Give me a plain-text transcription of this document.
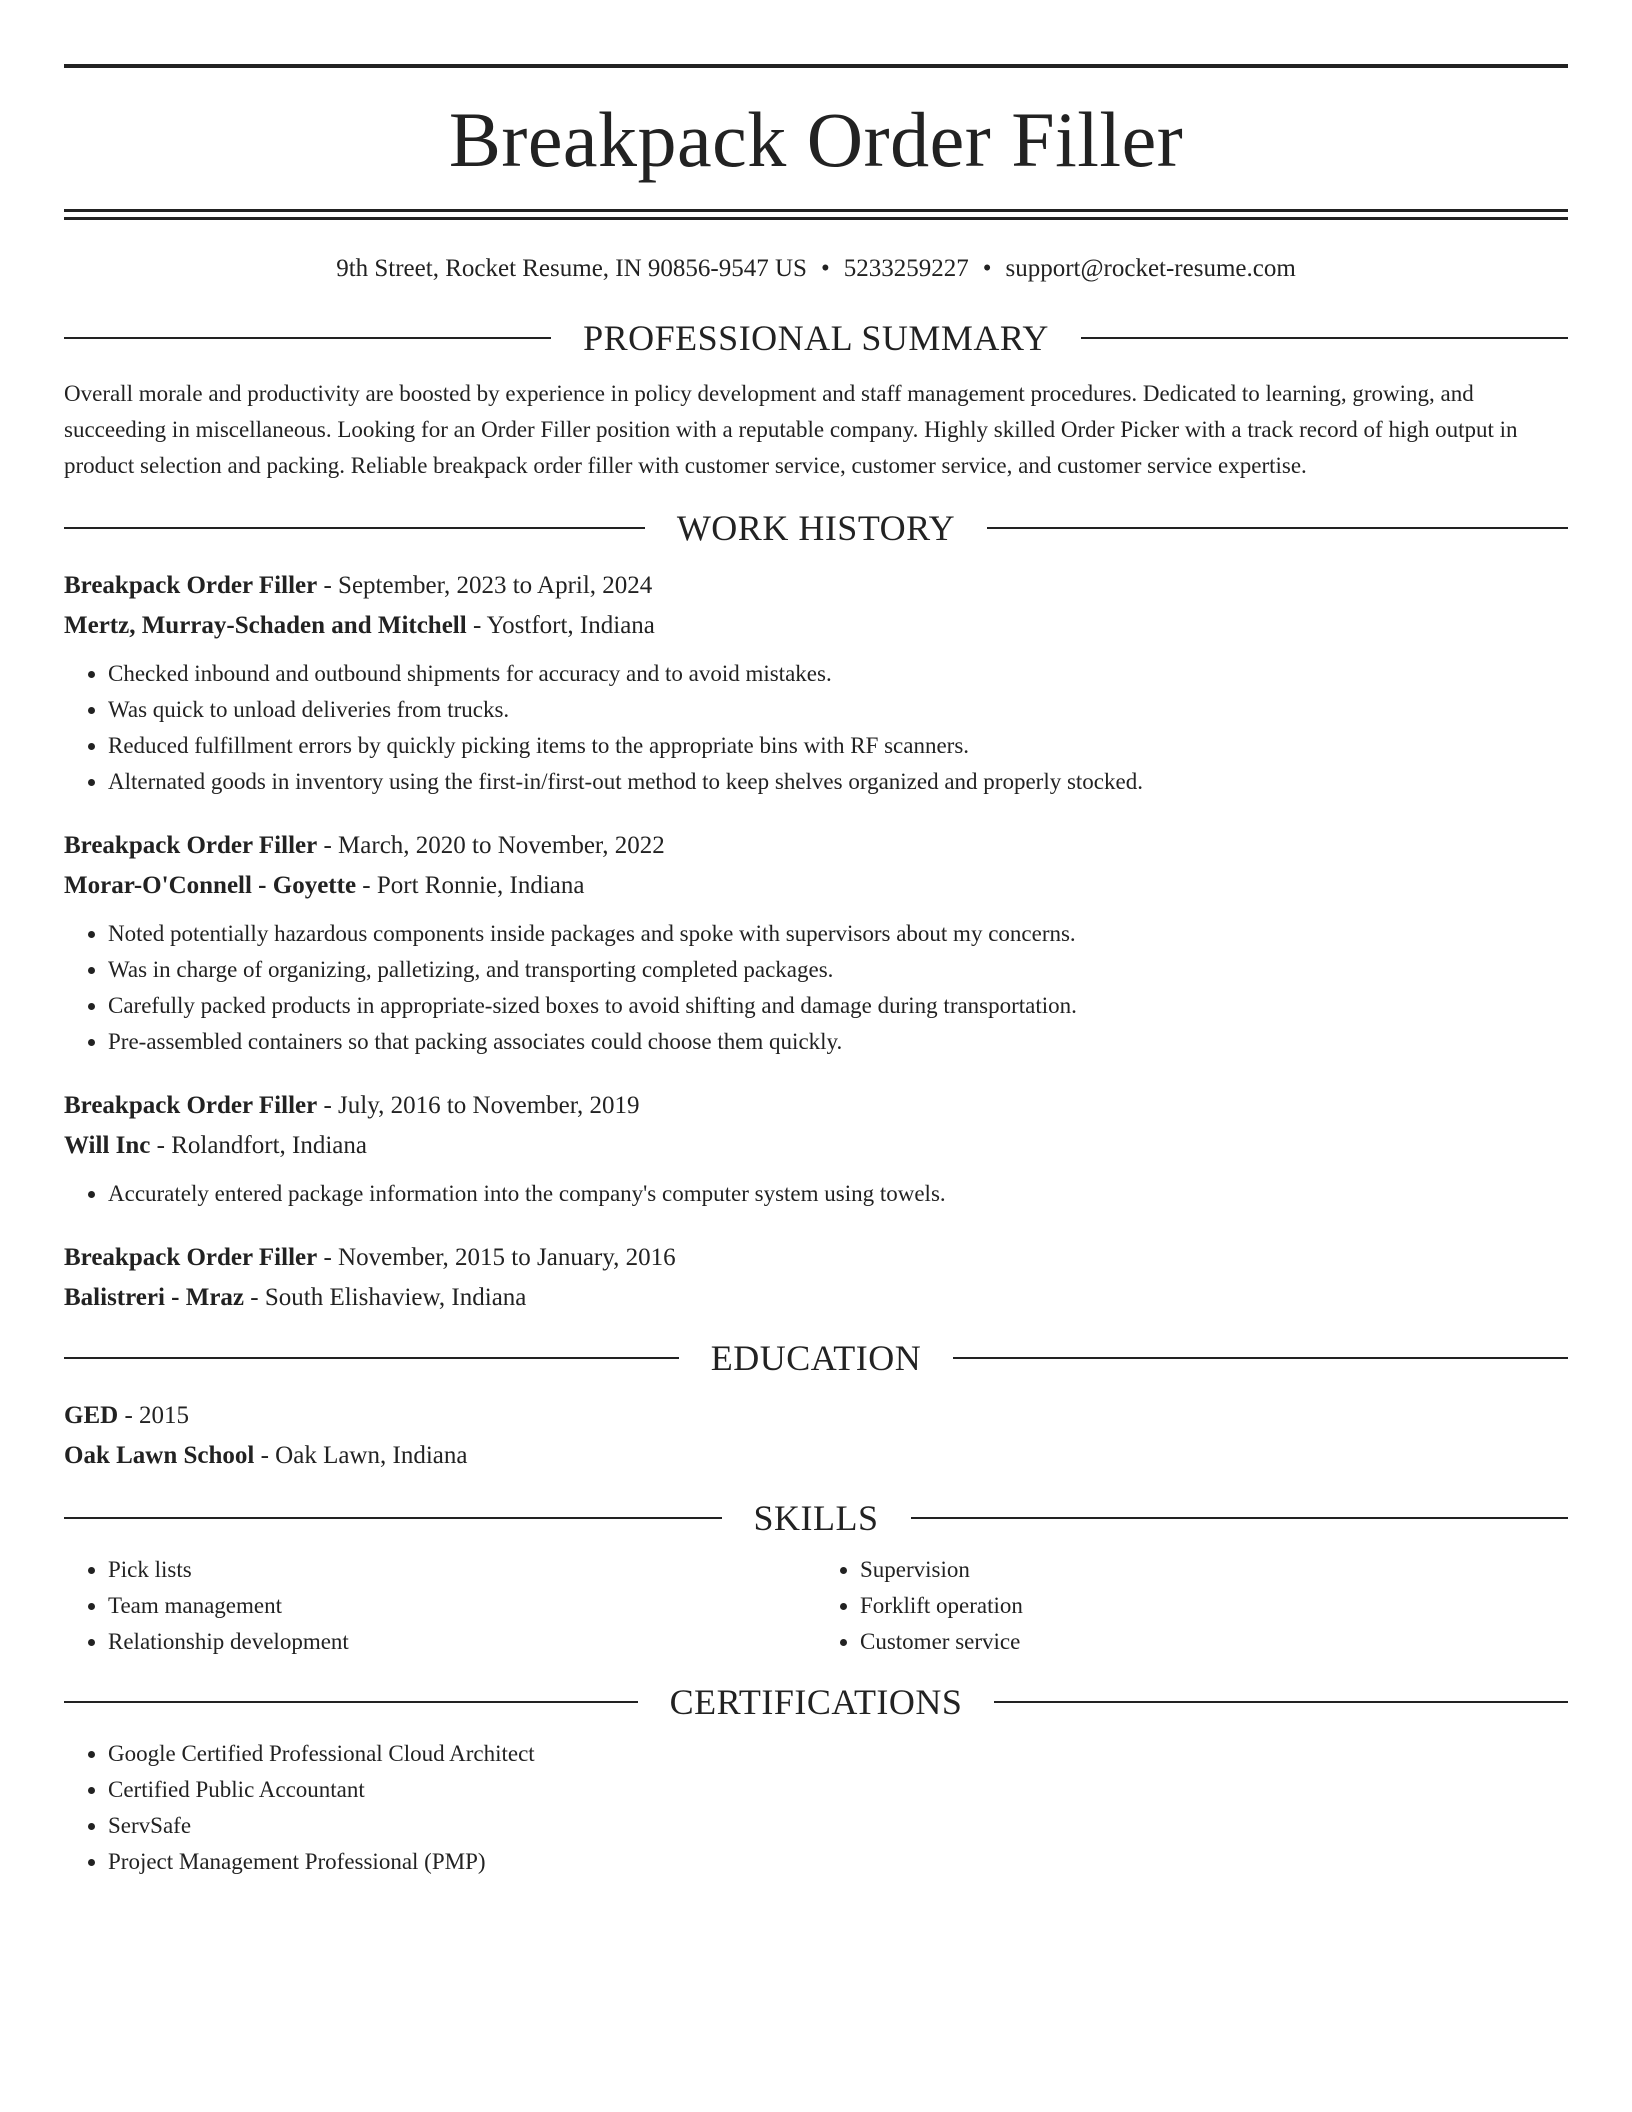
Breakpack Order Filler
9th Street, Rocket Resume, IN 90856-9547 US • 5233259227 • support@rocket-resume.com
PROFESSIONAL SUMMARY
Overall morale and productivity are boosted by experience in policy development and staff management procedures. Dedicated to learning, growing, and succeeding in miscellaneous. Looking for an Order Filler position with a reputable company. Highly skilled Order Picker with a track record of high output in product selection and packing. Reliable breakpack order filler with customer service, customer service, and customer service expertise.
WORK HISTORY
Breakpack Order Filler - September, 2023 to April, 2024
Mertz, Murray-Schaden and Mitchell - Yostfort, Indiana
• Checked inbound and outbound shipments for accuracy and to avoid mistakes.
• Was quick to unload deliveries from trucks.
• Reduced fulfillment errors by quickly picking items to the appropriate bins with RF scanners.
• Alternated goods in inventory using the first-in/first-out method to keep shelves organized and properly stocked.
Breakpack Order Filler - March, 2020 to November, 2022
Morar-O'Connell - Goyette - Port Ronnie, Indiana
• Noted potentially hazardous components inside packages and spoke with supervisors about my concerns.
• Was in charge of organizing, palletizing, and transporting completed packages.
• Carefully packed products in appropriate-sized boxes to avoid shifting and damage during transportation.
• Pre-assembled containers so that packing associates could choose them quickly.
Breakpack Order Filler - July, 2016 to November, 2019
Will Inc - Rolandfort, Indiana
• Accurately entered package information into the company's computer system using towels.
Breakpack Order Filler - November, 2015 to January, 2016
Balistreri - Mraz - South Elishaview, Indiana
EDUCATION
GED - 2015
Oak Lawn School - Oak Lawn, Indiana
SKILLS
• Pick lists
• Team management
• Relationship development
• Supervision
• Forklift operation
• Customer service
CERTIFICATIONS
• Google Certified Professional Cloud Architect
• Certified Public Accountant
• ServSafe
• Project Management Professional (PMP)
